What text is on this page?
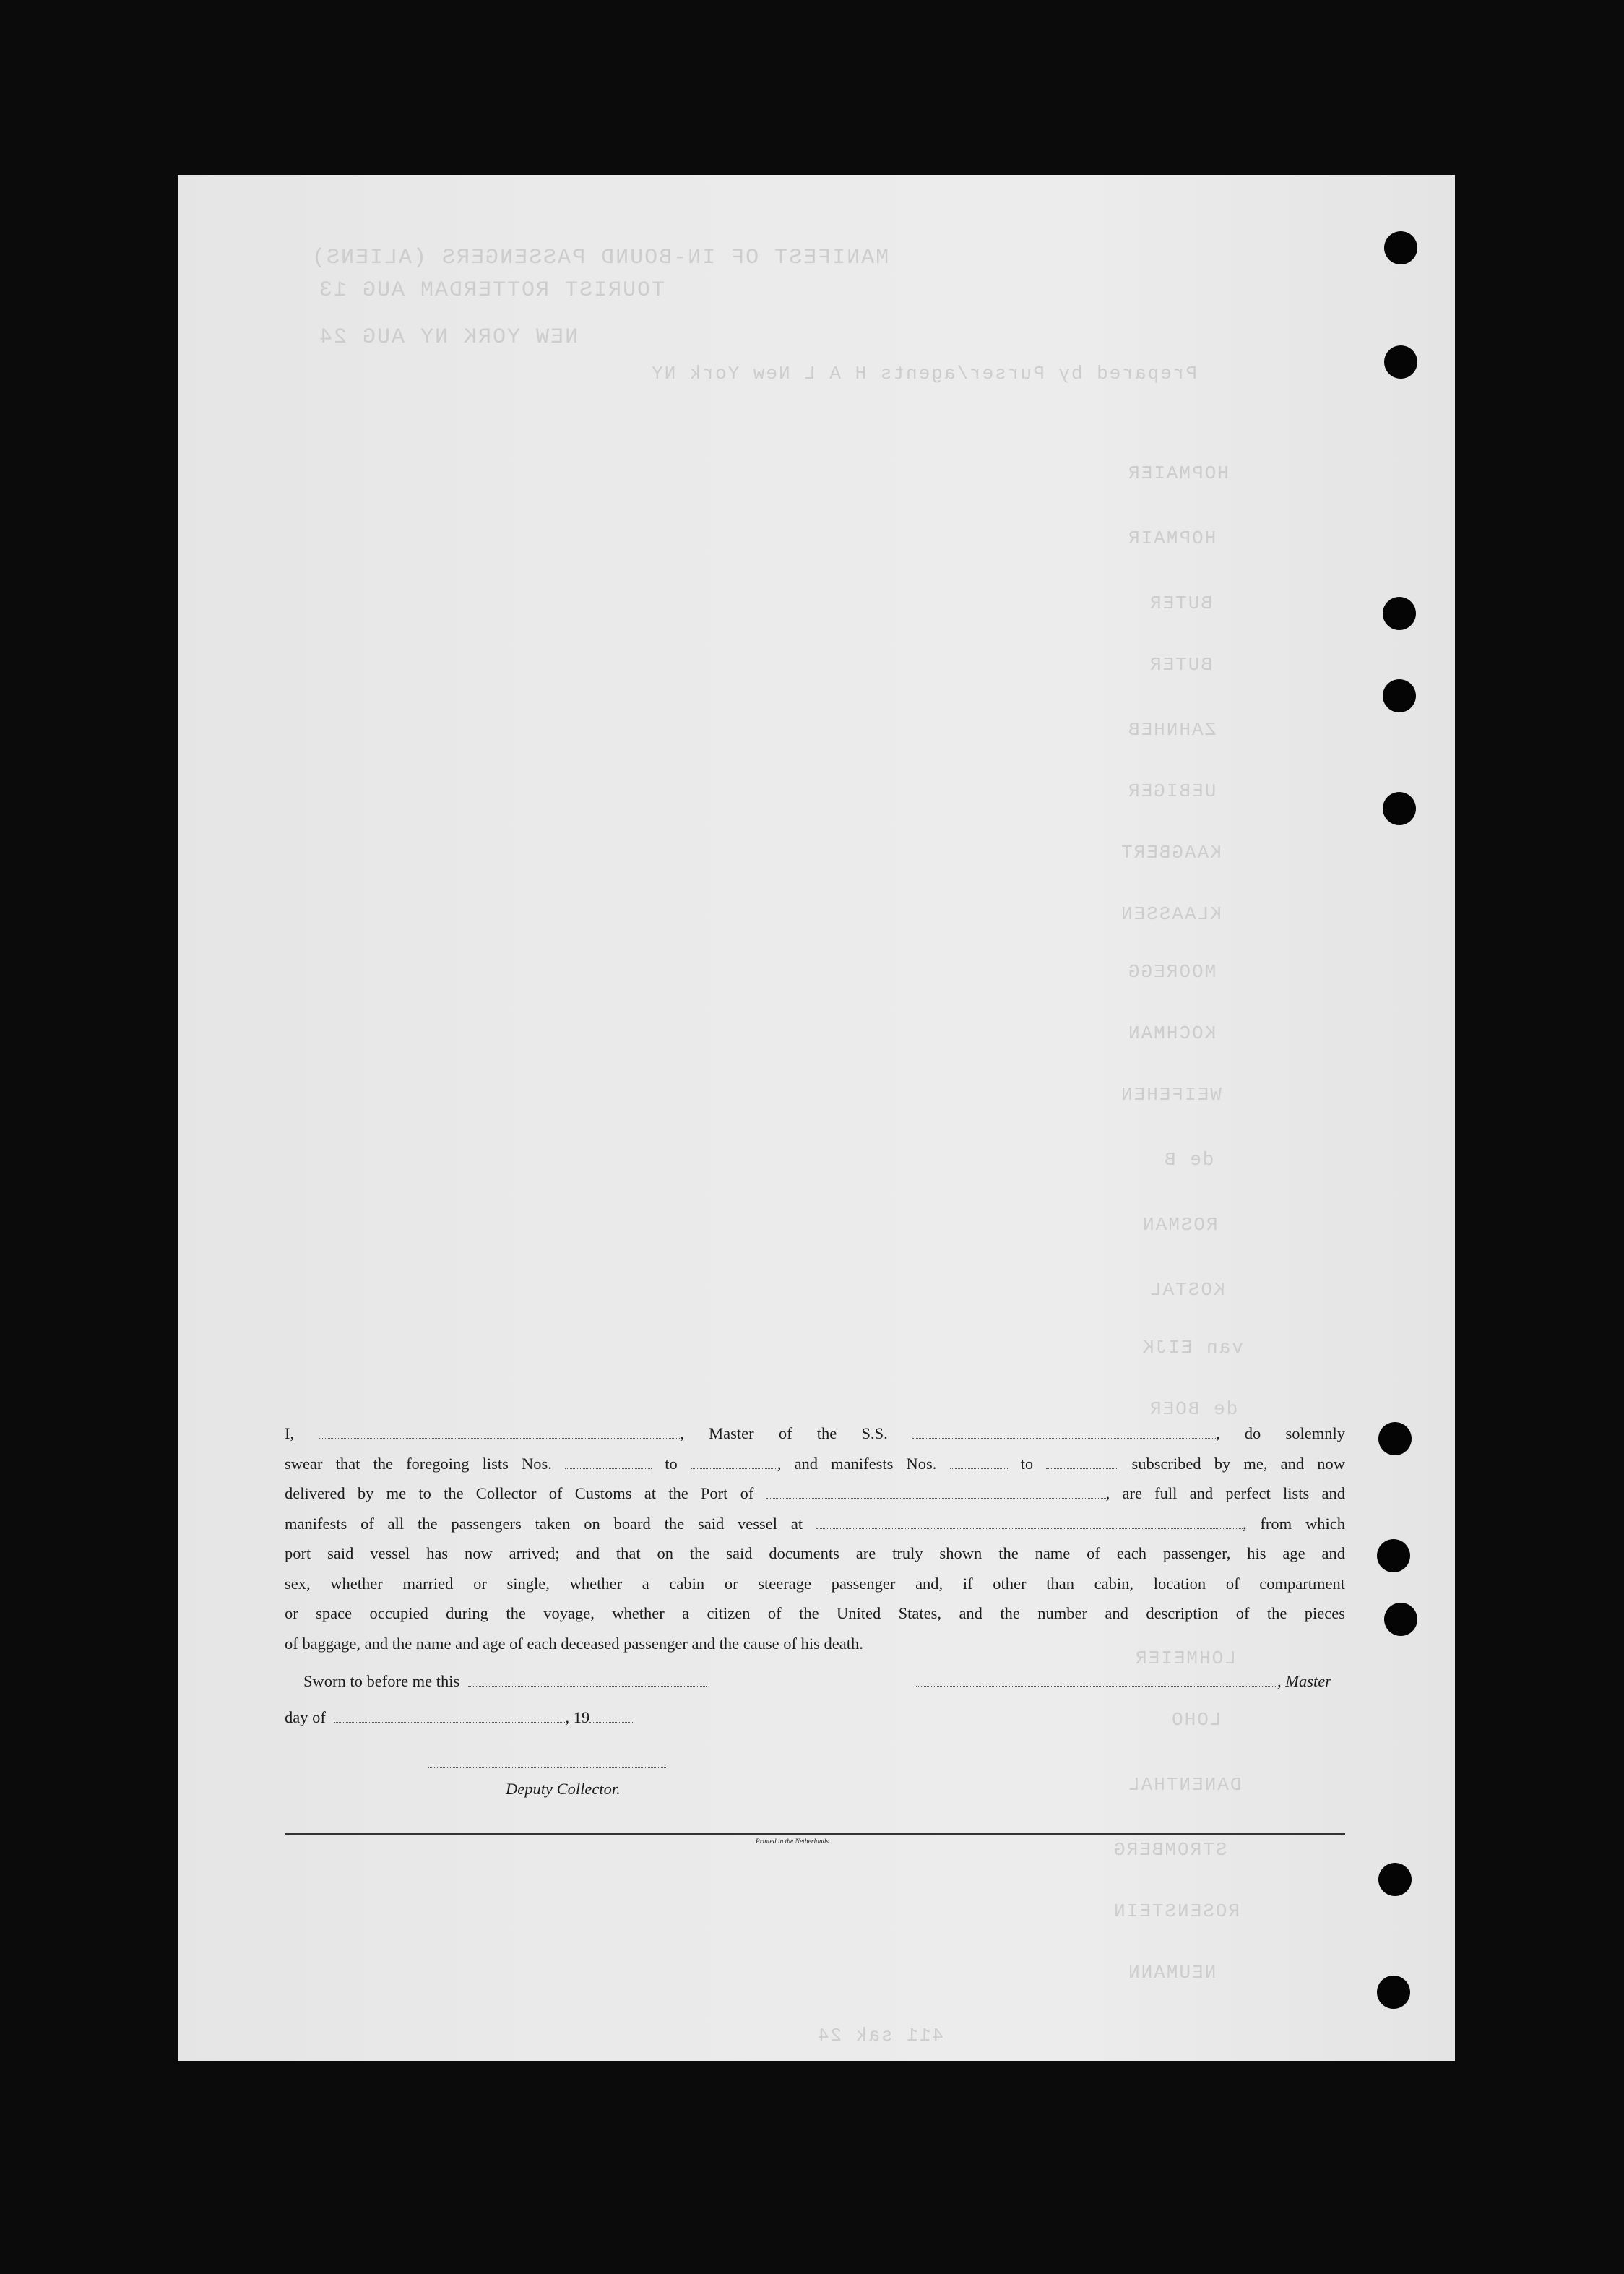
MANIFEST OF IN-BOUND PASSENGERS (ALIENS)
TOURIST ROTTERDAM AUG 13
NEW YORK NY AUG 24
Prepared by Purser/agents H A L New York NY
HOPMAIER
HOPMAIR
BUTER
BUTER
ZAHNHEB
UEBIGER
KAAGBERT
KLAASSEN
MOOREGG
KOCHMAN
WEIFEHEN
de B
ROSMAN
KOSTAL
van EIJK
de BOER
LOHMEIER
LOHO
DANENTHAL
STROMBERG
ROSENSTEIN
NEUMANN
411 sak 24

I,	, Master of the S.S.	, do solemnly

swear that the foregoing lists Nos.	to	, and manifests Nos.	to	subscribed by me, and now

delivered by me to the Collector of Customs at the Port of	, are full and perfect lists and

manifests of all the passengers taken on board the said vessel at	, from which

port said vessel has now arrived; and that on the said documents are truly shown the name of each passenger, his age and

sex, whether married or single, whether a cabin or steerage passenger and, if other than cabin, location of compartment

or space occupied during the voyage, whether a citizen of the United States, and the number and description of the pieces

of baggage, and the name and age of each deceased passenger and the cause of his death.

Sworn to before me this	, Master
day of	, 19
Deputy Collector.
Printed in the Netherlands
